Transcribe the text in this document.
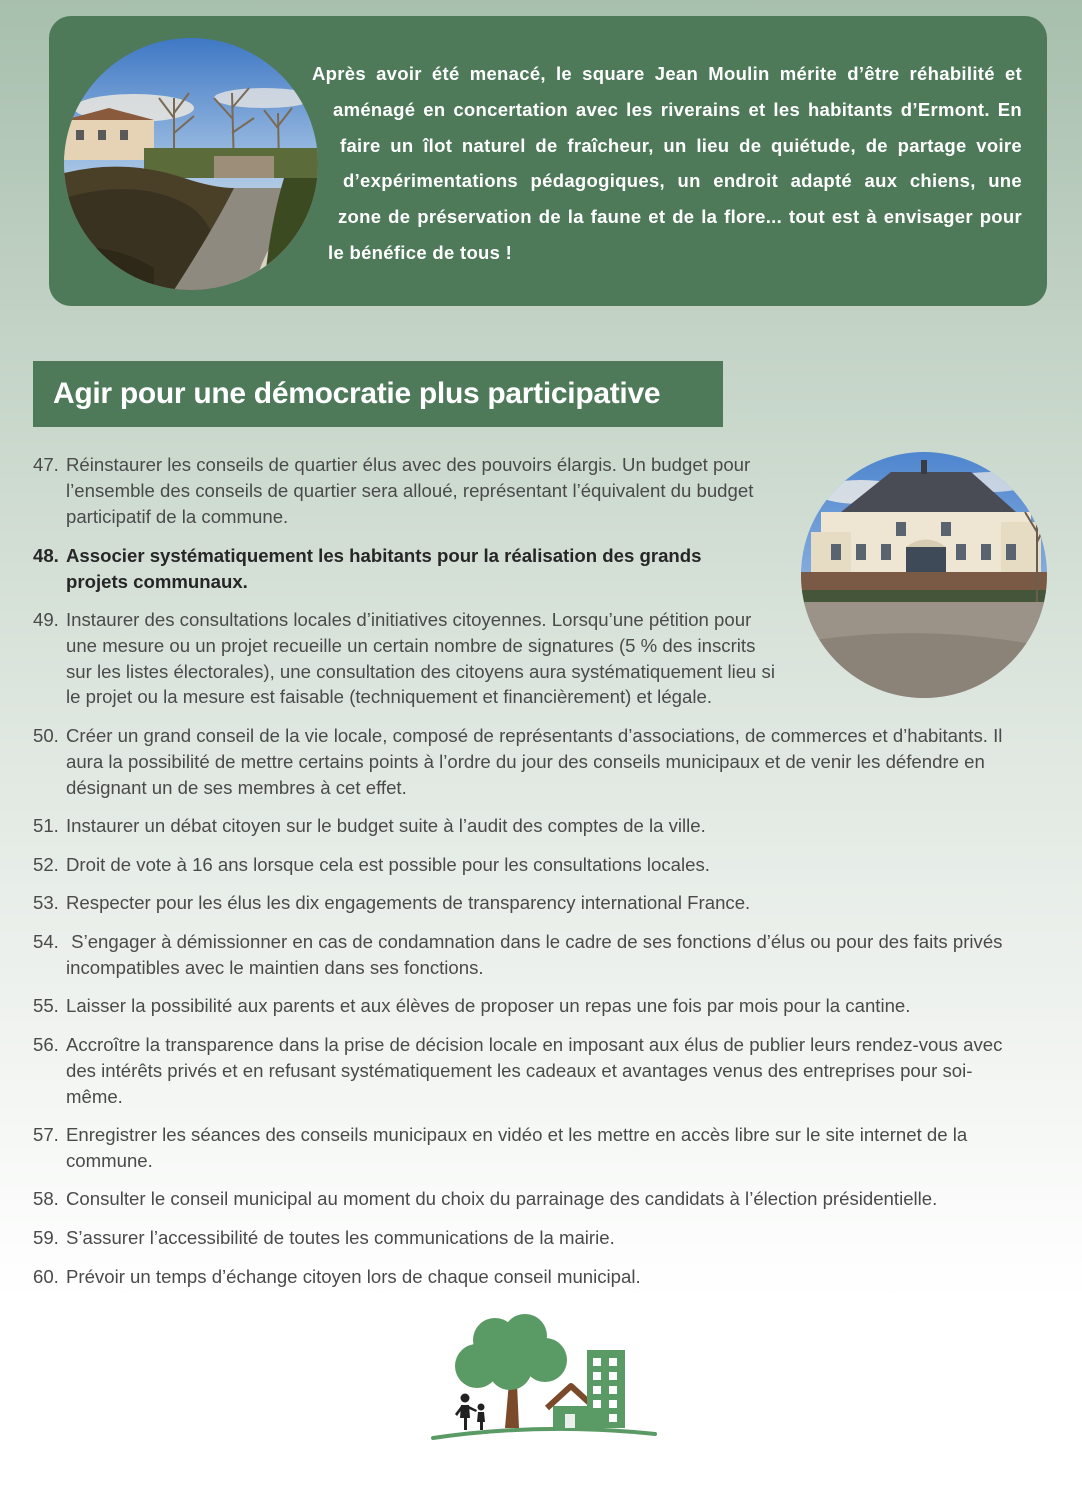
Après avoir été menacé, le square Jean Moulin mérite d’être réhabilité et
aménagé en concertation avec les riverains et les habitants d’Ermont. En
faire un îlot naturel de fraîcheur, un lieu de quiétude, de partage voire
d’expérimentations pédagogiques, un endroit adapté aux chiens, une
zone de préservation de la faune et de la flore... tout est à envisager pour
le bénéfice de tous !
Agir pour une démocratie plus participative
47. Réinstaurer les conseils de quartier élus avec des pouvoirs élargis. Un budget pour
l’ensemble des conseils de quartier sera alloué, représentant l’équivalent du budget
participatif de la commune.
48. Associer systématiquement les habitants pour la réalisation des grands
projets communaux.
49. Instaurer des consultations locales d’initiatives citoyennes. Lorsqu’une pétition pour
une mesure ou un projet recueille un certain nombre de signatures (5 % des inscrits
sur les listes électorales), une consultation des citoyens aura systématiquement lieu si
le projet ou la mesure est faisable (techniquement et financièrement) et légale.
50. Créer un grand conseil de la vie locale, composé de représentants d’associations, de commerces et d’habitants. Il
aura la possibilité de mettre certains points à l’ordre du jour des conseils municipaux et de venir les défendre en
désignant un de ses membres à cet effet.
51. Instaurer un débat citoyen sur le budget suite à l’audit des comptes de la ville.
52. Droit de vote à 16 ans lorsque cela est possible pour les consultations locales.
53. Respecter pour les élus les dix engagements de transparency international France.
54. S’engager à démissionner en cas de condamnation dans le cadre de ses fonctions d’élus ou pour des faits privés
incompatibles avec le maintien dans ses fonctions.
55. Laisser la possibilité aux parents et aux élèves de proposer un repas une fois par mois pour la cantine.
56. Accroître la transparence dans la prise de décision locale en imposant aux élus de publier leurs rendez-vous avec
des intérêts privés et en refusant systématiquement les cadeaux et avantages venus des entreprises pour soi-
même.
57. Enregistrer les séances des conseils municipaux en vidéo et les mettre en accès libre sur le site internet de la
commune.
58. Consulter le conseil municipal au moment du choix du parrainage des candidats à l’élection présidentielle.
59. S’assurer l’accessibilité de toutes les communications de la mairie.
60. Prévoir un temps d’échange citoyen lors de chaque conseil municipal.
